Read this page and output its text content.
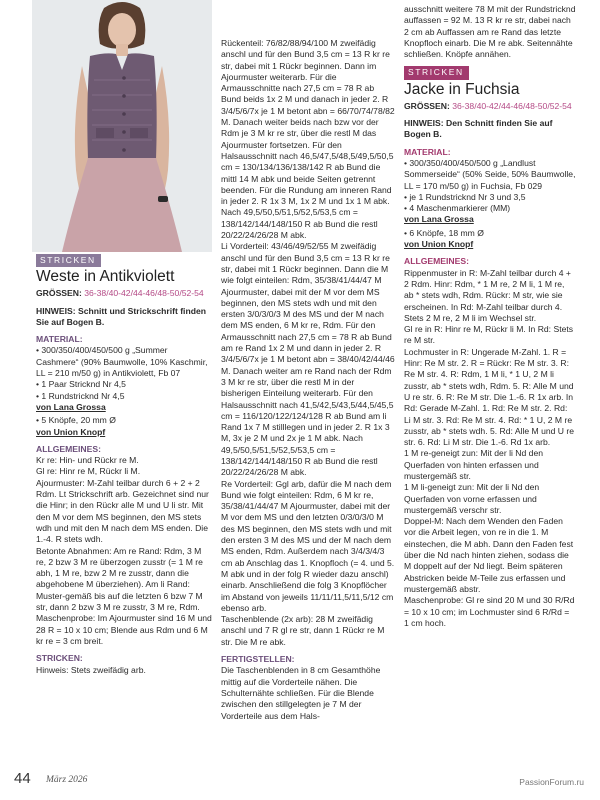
STRICKEN
Weste in Antikviolett
GRÖSSEN: 36-38/40-42/44-46/48-50/52-54

HINWEIS: Schnitt und Strickschrift finden Sie auf Bogen B.

MATERIAL:

• 300/350/400/450/500 g „Summer Cashmere“ (90% Baumwolle, 10% Kaschmir, LL = 210 m/50 g) in Antikviolett, Fb 07

• 1 Paar Stricknd Nr 4,5

• 1 Rundstricknd Nr 4,5

von Lana Grossa

• 5 Knöpfe, 20 mm Ø

von Union Knopf

ALLGEMEINES:

Kr re: Hin- und Rückr re M.

Gl re: Hinr re M, Rückr li M.

Ajourmuster: M-Zahl teilbar durch 6 + 2 + 2 Rdm. Lt Strickschrift arb. Gezeichnet sind nur die Hinr; in den Rückr alle M und U li str. Mit den M vor dem MS beginnen, den MS stets wdh und mit den M nach dem MS enden. Die 1.-4. R stets wdh.

Betonte Abnahmen: Am re Rand: Rdm, 3 M re, 2 bzw 3 M re überzogen zusstr (= 1 M re abh, 1 M re, bzw 2 M re zusstr, dann die abgehobene M überziehen). Am li Rand: Muster-gemäß bis auf die letzten 6 bzw 7 M str, dann 2 bzw 3 M re zusstr, 3 M re, Rdm.

Maschenprobe: Im Ajourmuster sind 16 M und 28 R = 10 x 10 cm; Blende aus Rdm und 6 M kr re = 3 cm breit.

STRICKEN:

Hinweis: Stets zweifädig arb.

Rückenteil: 76/82/88/94/100 M zweifädig anschl und für den Bund 3,5 cm = 13 R kr re str, dabei mit 1 Rückr beginnen. Dann im Ajourmuster weiterarb. Für die Armausschnitte nach 27,5 cm = 78 R ab Bund beids 1x 2 M und danach in jeder 2. R 3/4/5/6/7x je 1 M betont abn = 66/70/74/78/82 M. Danach weiter beids nach bzw vor der Rdm je 3 M kr re str, über die restl M das Ajourmuster fortsetzen. Für den Halsausschnitt nach 46,5/47,5/48,5/49,5/50,5 cm = 130/134/136/138/142 R ab Bund die mittl 14 M abk und beide Seiten getrennt beenden. Für die Rundung am inneren Rand in jeder 2. R 1x 3 M, 1x 2 M und 1x 1 M abk. Nach 49,5/50,5/51,5/52,5/53,5 cm = 138/142/144/148/150 R ab Bund die restl 20/22/24/26/28 M abk.

Li Vorderteil: 43/46/49/52/55 M zweifädig anschl und für den Bund 3,5 cm = 13 R kr re str, dabei mit 1 Rückr beginnen. Dann die M wie folgt einteilen: Rdm, 35/38/41/44/47 M Ajourmuster, dabei mit der M vor dem MS beginnen, den MS stets wdh und mit den ersten 3/0/3/0/3 M des MS und der M nach dem MS enden, 6 M kr re, Rdm. Für den Armausschnitt nach 27,5 cm = 78 R ab Bund am re Rand 1x 2 M und dann in jeder 2. R 3/4/5/6/7x je 1 M betont abn = 38/40/42/44/46 M. Danach weiter am re Rand nach der Rdm 3 M kr re str, über die restl M in der bisherigen Einteilung weiterarb. Für den Halsausschnitt nach 41,5/42,5/43,5/44,5/45,5 cm = 116/120/122/124/128 R ab Bund am li Rand 1x 7 M stilllegen und in jeder 2. R 1x 3 M, 3x je 2 M und 2x je 1 M abk. Nach 49,5/50,5/51,5/52,5/53,5 cm = 138/142/144/148/150 R ab Bund die restl 20/22/24/26/28 M abk.

Re Vorderteil: Ggl arb, dafür die M nach dem Bund wie folgt einteilen: Rdm, 6 M kr re, 35/38/41/44/47 M Ajourmuster, dabei mit der M vor dem MS und den letzten 0/3/0/3/0 M des MS beginnen, den MS stets wdh und mit den ersten 3 M des MS und der M nach dem MS enden, Rdm. Außerdem nach 3/4/3/4/3 cm ab Anschlag das 1. Knopfloch (= 4. und 5. M abk und in der folg R wieder dazu anschl) einarb. Anschließend die folg 3 Knopflöcher im Abstand von jeweils 11/11/11,5/11,5/12 cm ebenso arb.

Taschenblende (2x arb): 28 M zweifädig anschl und 7 R gl re str, dann 1 Rückr re M str. Die M re abk.

FERTIGSTELLEN:

Die Taschenblenden in 8 cm Gesamthöhe mittig auf die Vorderteile nähen. Die Schulternähte schließen. Für die Blende zwischen den stillgelegten je 7 M der Vorderteile aus dem Hals-

ausschnitt weitere 78 M mit der Rundstricknd auffassen = 92 M. 13 R kr re str, dabei nach 2 cm ab Auffassen am re Rand das letzte Knopfloch einarb. Die M re abk. Seitennähte schließen. Knöpfe annähen.

STRICKEN
Jacke in Fuchsia
GRÖSSEN: 36-38/40-42/44-46/48-50/52-54

HINWEIS: Den Schnitt finden Sie auf Bogen B.

MATERIAL:

• 300/350/400/450/500 g „Landlust Sommerseide“ (50% Seide, 50% Baumwolle, LL = 170 m/50 g) in Fuchsia, Fb 029

• je 1 Rundstricknd Nr 3 und 3,5

• 4 Maschenmarkierer (MM)

von Lana Grossa

• 6 Knöpfe, 18 mm Ø

von Union Knopf

ALLGEMEINES:

Rippenmuster in R: M-Zahl teilbar durch 4 + 2 Rdm. Hinr: Rdm, * 1 M re, 2 M li, 1 M re, ab * stets wdh, Rdm. Rückr: M str, wie sie erscheinen. In Rd: M-Zahl teilbar durch 4. Stets 2 M re, 2 M li im Wechsel str.

Gl re in R: Hinr re M, Rückr li M. In Rd: Stets re M str.

Lochmuster in R: Ungerade M-Zahl. 1. R = Hinr: Re M str. 2. R = Rückr: Re M str. 3. R: Re M str. 4. R: Rdm, 1 M li, * 1 U, 2 M li zusstr, ab * stets wdh, Rdm. 5. R: Alle M und U re str. 6. R: Re M str. Die 1.-6. R 1x arb. In Rd: Gerade M-Zahl. 1. Rd: Re M str. 2. Rd: Li M str. 3. Rd: Re M str. 4. Rd: * 1 U, 2 M re zusstr, ab * stets wdh. 5. Rd: Alle M und U re str. 6. Rd: Li M str. Die 1.-6. Rd 1x arb.

1 M re-geneigt zun: Mit der li Nd den Querfaden von hinten erfassen und mustergemäß str.

1 M li-geneigt zun: Mit der li Nd den Querfaden von vorne erfassen und mustergemäß verschr str.

Doppel-M: Nach dem Wenden den Faden vor die Arbeit legen, von re in die 1. M einstechen, die M abh. Dann den Faden fest über die Nd nach hinten ziehen, sodass die M doppelt auf der Nd liegt. Beim späteren Abstricken beide M-Teile zus erfassen und mustergemäß abstr.

Maschenprobe: Gl re sind 20 M und 30 R/Rd = 10 x 10 cm; im Lochmuster sind 6 R/Rd = 1 cm hoch.

44 März 2026	PassionForum.ru
